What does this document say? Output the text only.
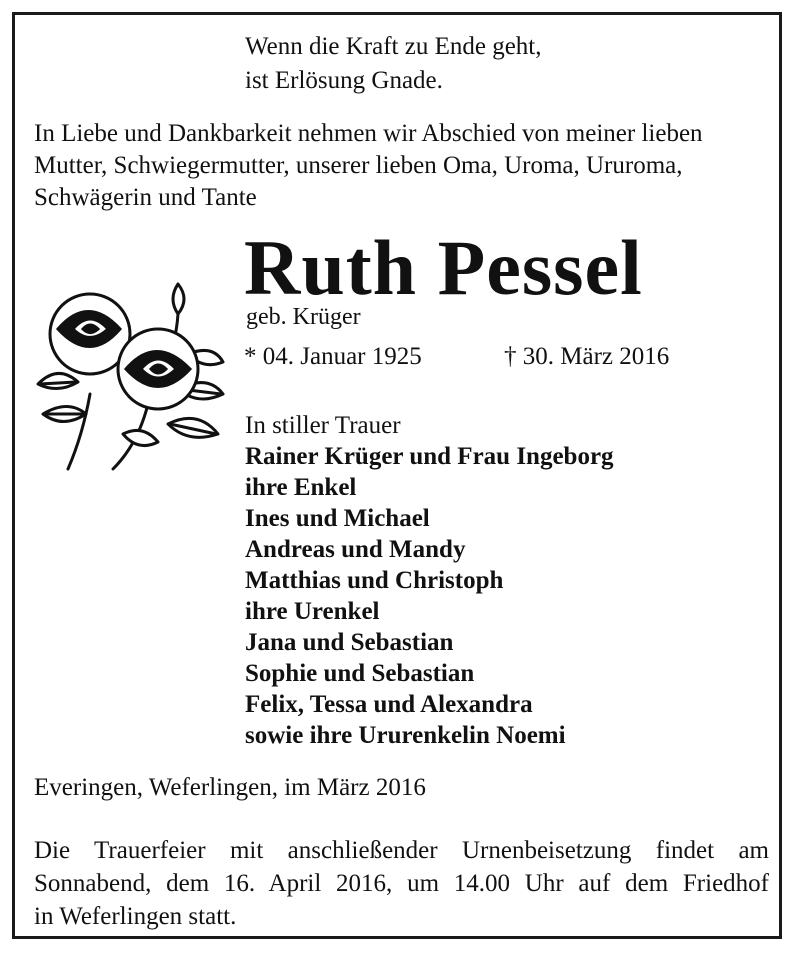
Wenn die Kraft zu Ende geht,
ist Erlösung Gnade.
In Liebe und Dankbarkeit nehmen wir Abschied von meiner lieben
Mutter, Schwiegermutter, unserer lieben Oma, Uroma, Ururoma,
Schwägerin und Tante
Ruth Pessel
geb. Krüger
* 04. Januar 1925	† 30. März 2016
In stiller Trauer
Rainer Krüger und Frau Ingeborg
ihre Enkel
Ines und Michael
Andreas und Mandy
Matthias und Christoph
ihre Urenkel
Jana und Sebastian
Sophie und Sebastian
Felix, Tessa und Alexandra
sowie ihre Ururenkelin Noemi
Everingen, Weferlingen, im März 2016
Die Trauerfeier mit anschließender Urnenbeisetzung findet am
Sonnabend, dem 16. April 2016, um 14.00 Uhr auf dem Friedhof
in Weferlingen statt.
